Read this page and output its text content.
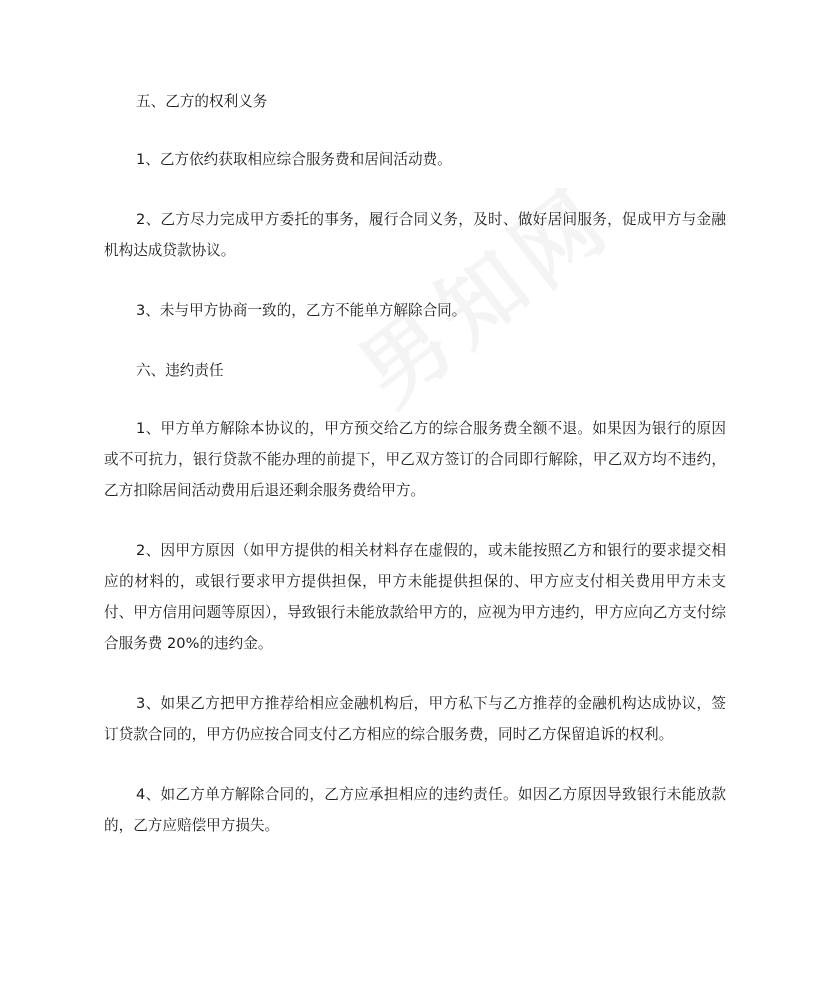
五、乙方的权利义务

1、乙方依约获取相应综合服务费和居间活动费。

2、乙方尽力完成甲方委托的事务，履行合同义务，及时、做好居间服务，促成甲方与金融机构达成贷款协议。

3、未与甲方协商一致的，乙方不能单方解除合同。

六、违约责任

1、甲方单方解除本协议的，甲方预交给乙方的综合服务费全额不退。如果因为银行的原因或不可抗力，银行贷款不能办理的前提下，甲乙双方签订的合同即行解除，甲乙双方均不违约，乙方扣除居间活动费用后退还剩余服务费给甲方。

2、因甲方原因（如甲方提供的相关材料存在虚假的，或未能按照乙方和银行的要求提交相应的材料的，或银行要求甲方提供担保，甲方未能提供担保的、甲方应支付相关费用甲方未支付、甲方信用问题等原因），导致银行未能放款给甲方的，应视为甲方违约，甲方应向乙方支付综合服务费 20%的违约金。

3、如果乙方把甲方推荐给相应金融机构后，甲方私下与乙方推荐的金融机构达成协议，签订贷款合同的，甲方仍应按合同支付乙方相应的综合服务费，同时乙方保留追诉的权利。

4、如乙方单方解除合同的，乙方应承担相应的违约责任。如因乙方原因导致银行未能放款的，乙方应赔偿甲方损失。
